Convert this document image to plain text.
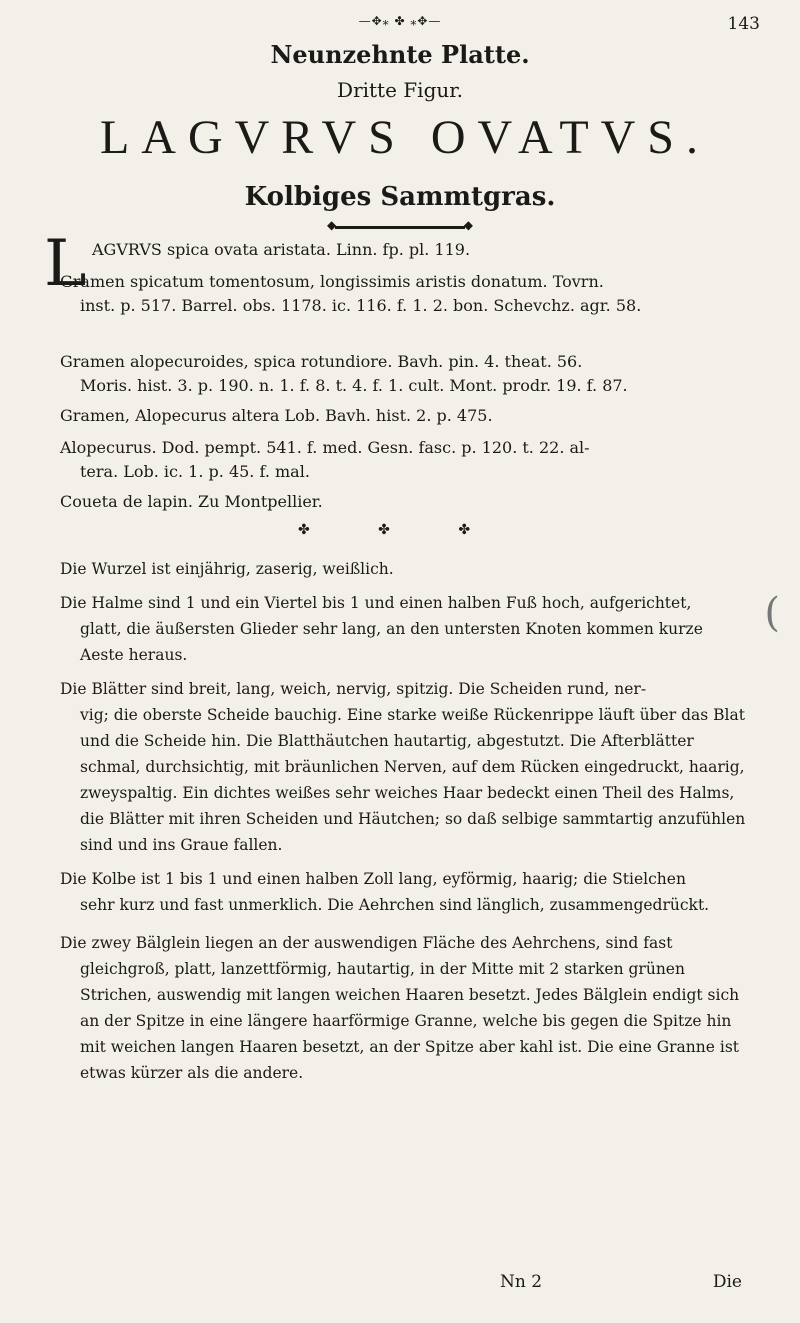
—✥⁎ ✤ ⁎✥—	143
Neunzehnte Platte.
Dritte Figur.
LAGVRVS OVATVS.
Kolbiges Sammtgras.
◆ ◆
L AGVRVS spica ovata aristata. Linn. fp. pl. 119.
Gramen spicatum tomentosum, longissimis aristis donatum. Tovrn.
inst. p. 517. Barrel. obs. 1178. ic. 116. f. 1. 2. bon. Schevchz. agr. 58.
Gramen alopecuroides, spica rotundiore. Bavh. pin. 4. theat. 56.
Moris. hist. 3. p. 190. n. 1. f. 8. t. 4. f. 1. cult. Mont. prodr. 19. f. 87.
Gramen, Alopecurus altera Lob. Bavh. hist. 2. p. 475.
Alopecurus. Dod. pempt. 541. f. med. Gesn. fasc. p. 120. t. 22. al-
tera. Lob. ic. 1. p. 45. f. mal.
Coueta de lapin. Zu Montpellier.
✤ ✤ ✤
(
Die Wurzel ist einjährig, zaserig, weißlich.
Die Halme sind 1 und ein Viertel bis 1 und einen halben Fuß hoch, aufgerichtet,
glatt, die äußersten Glieder sehr lang, an den untersten Knoten kommen kurze Aeste heraus.
Die Blätter sind breit, lang, weich, nervig, spitzig. Die Scheiden rund, ner-
vig; die oberste Scheide bauchig. Eine starke weiße Rückenrippe läuft über das Blat und die Scheide hin. Die Blatthäutchen hautartig, abgestutzt. Die Afterblätter schmal, durchsichtig, mit bräunlichen Nerven, auf dem Rücken eingedruckt, haarig, zweyspaltig. Ein dichtes weißes sehr weiches Haar bedeckt einen Theil des Halms, die Blätter mit ihren Scheiden und Häutchen; so daß selbige sammtartig anzufühlen sind und ins Graue fallen.
Die Kolbe ist 1 bis 1 und einen halben Zoll lang, eyförmig, haarig; die Stielchen
sehr kurz und fast unmerklich. Die Aehrchen sind länglich, zusammengedrückt.
Die zwey Bälglein liegen an der auswendigen Fläche des Aehrchens, sind fast
gleichgroß, platt, lanzettförmig, hautartig, in der Mitte mit 2 starken grünen Strichen, auswendig mit langen weichen Haaren besetzt. Jedes Bälglein endigt sich an der Spitze in eine längere haarförmige Granne, welche bis gegen die Spitze hin mit weichen langen Haaren besetzt, an der Spitze aber kahl ist. Die eine Granne ist etwas kürzer als die andere.
Nn 2	Die
